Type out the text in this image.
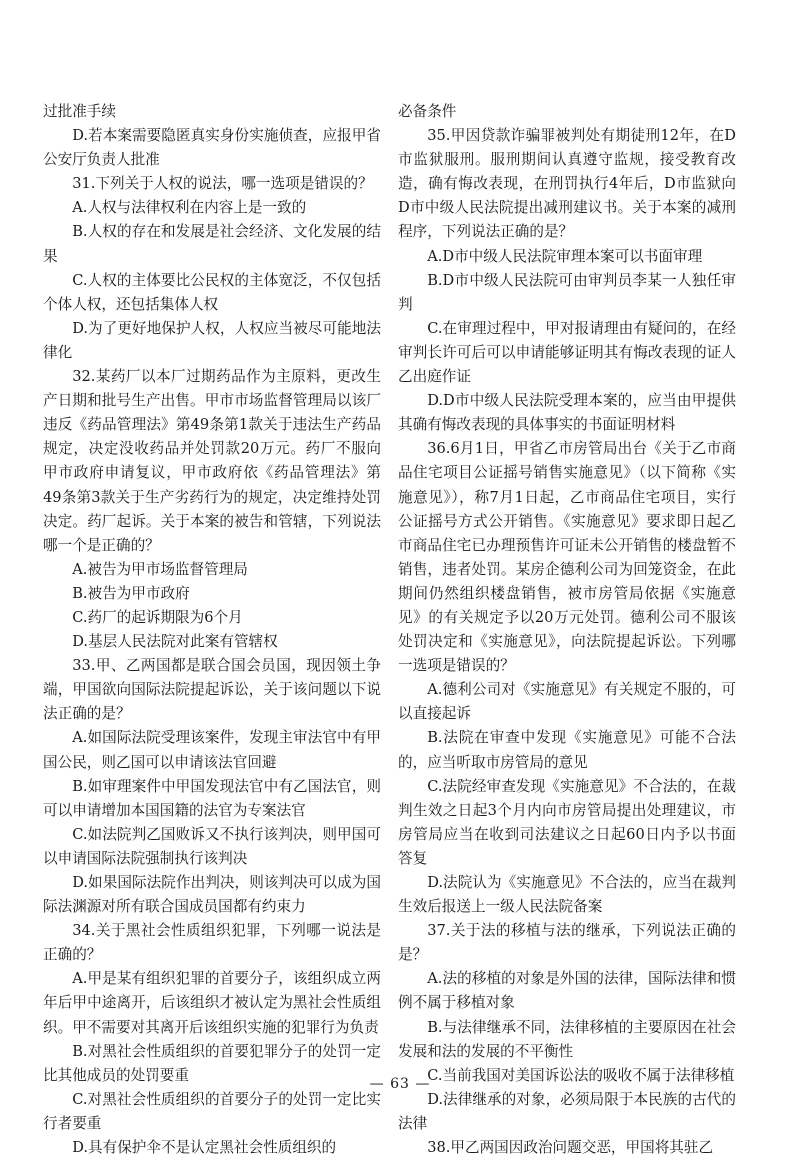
过批准手续

D.若本案需要隐匿真实身份实施侦查，应报甲省公安厅负责人批准

31.下列关于人权的说法，哪一选项是错误的？

A.人权与法律权利在内容上是一致的

B.人权的存在和发展是社会经济、文化发展的结果

C.人权的主体要比公民权的主体宽泛，不仅包括个体人权，还包括集体人权

D.为了更好地保护人权，人权应当被尽可能地法律化

32.某药厂以本厂过期药品作为主原料，更改生产日期和批号生产出售。甲市市场监督管理局以该厂违反《药品管理法》第49条第1款关于违法生产药品规定，决定没收药品并处罚款20万元。药厂不服向甲市政府申请复议，甲市政府依《药品管理法》第49条第3款关于生产劣药行为的规定，决定维持处罚决定。药厂起诉。关于本案的被告和管辖，下列说法哪一个是正确的？

A.被告为甲市场监督管理局

B.被告为甲市政府

C.药厂的起诉期限为6个月

D.基层人民法院对此案有管辖权

33.甲、乙两国都是联合国会员国，现因领土争端，甲国欲向国际法院提起诉讼，关于该问题以下说法正确的是？

A.如国际法院受理该案件，发现主审法官中有甲国公民，则乙国可以申请该法官回避

B.如审理案件中甲国发现法官中有乙国法官，则可以申请增加本国国籍的法官为专案法官

C.如法院判乙国败诉又不执行该判决，则甲国可以申请国际法院强制执行该判决

D.如果国际法院作出判决，则该判决可以成为国际法渊源对所有联合国成员国都有约束力

34.关于黑社会性质组织犯罪，下列哪一说法是正确的？

A.甲是某有组织犯罪的首要分子，该组织成立两年后甲中途离开，后该组织才被认定为黑社会性质组织。甲不需要对其离开后该组织实施的犯罪行为负责

B.对黑社会性质组织的首要犯罪分子的处罚一定比其他成员的处罚要重

C.对黑社会性质组织的首要分子的处罚一定比实行者要重

D.具有保护伞不是认定黑社会性质组织的

必备条件

35.甲因贷款诈骗罪被判处有期徒刑12年，在D市监狱服刑。服刑期间认真遵守监规，接受教育改造，确有悔改表现，在刑罚执行4年后，D市监狱向D市中级人民法院提出减刑建议书。关于本案的减刑程序，下列说法正确的是？

A.D市中级人民法院审理本案可以书面审理

B.D市中级人民法院可由审判员李某一人独任审判

C.在审理过程中，甲对报请理由有疑问的，在经审判长许可后可以申请能够证明其有悔改表现的证人乙出庭作证

D.D市中级人民法院受理本案的，应当由甲提供其确有悔改表现的具体事实的书面证明材料

36.6月1日，甲省乙市房管局出台《关于乙市商品住宅项目公证摇号销售实施意见》（以下简称《实施意见》），称7月1日起，乙市商品住宅项目，实行公证摇号方式公开销售。《实施意见》要求即日起乙市商品住宅已办理预售许可证未公开销售的楼盘暂不销售，违者处罚。某房企德利公司为回笼资金，在此期间仍然组织楼盘销售，被市房管局依据《实施意见》的有关规定予以20万元处罚。德利公司不服该处罚决定和《实施意见》，向法院提起诉讼。下列哪一选项是错误的？

A.德利公司对《实施意见》有关规定不服的，可以直接起诉

B.法院在审查中发现《实施意见》可能不合法的，应当听取市房管局的意见

C.法院经审查发现《实施意见》不合法的，在裁判生效之日起3个月内向市房管局提出处理建议，市房管局应当在收到司法建议之日起60日内予以书面答复

D.法院认为《实施意见》不合法的，应当在裁判生效后报送上一级人民法院备案

37.关于法的移植与法的继承，下列说法正确的是？

A.法的移植的对象是外国的法律，国际法律和惯例不属于移植对象

B.与法律继承不同，法律移植的主要原因在社会发展和法的发展的不平衡性

C.当前我国对美国诉讼法的吸收不属于法律移植

D.法律继承的对象，必须局限于本民族的古代的法律

38.甲乙两国因政治问题交恶，甲国将其驻乙

— 63 —
